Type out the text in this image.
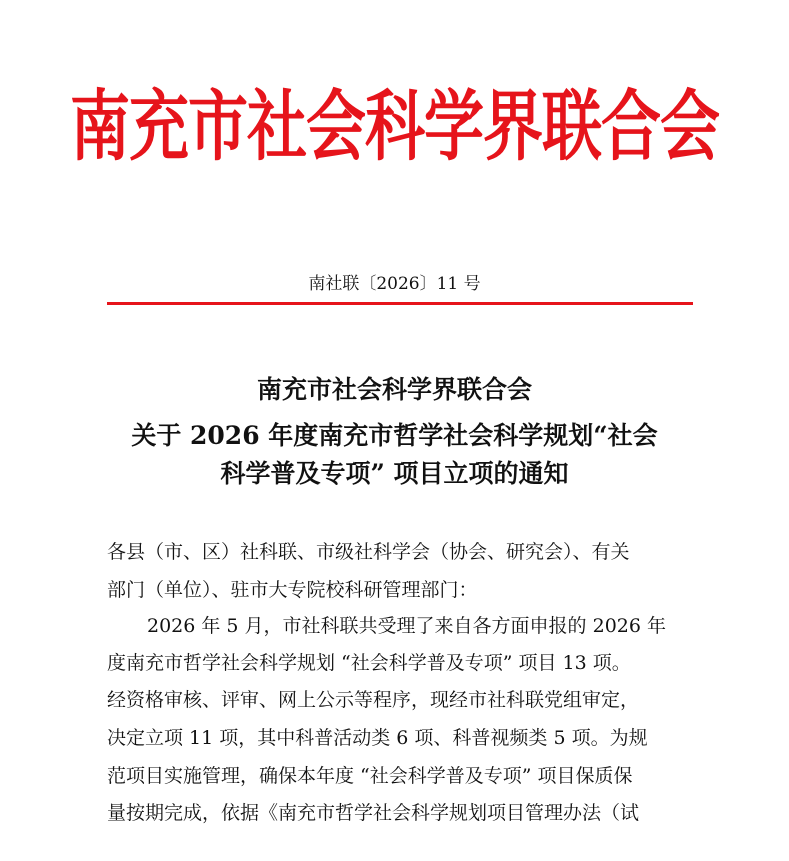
南充市社会科学界联合会
南社联〔2026〕11 号
南充市社会科学界联合会
关于 2026 年度南充市哲学社会科学规划“社会
科学普及专项” 项目立项的通知
各县（市、区）社科联、市级社科学会（协会、研究会）、有关
部门（单位）、驻市大专院校科研管理部门：
2026 年 5 月，市社科联共受理了来自各方面申报的 2026 年
度南充市哲学社会科学规划 “社会科学普及专项” 项目 13 项。
经资格审核、评审、网上公示等程序，现经市社科联党组审定，
决定立项 11 项，其中科普活动类 6 项、科普视频类 5 项。为规
范项目实施管理，确保本年度 “社会科学普及专项” 项目保质保
量按期完成，依据《南充市哲学社会科学规划项目管理办法（试
